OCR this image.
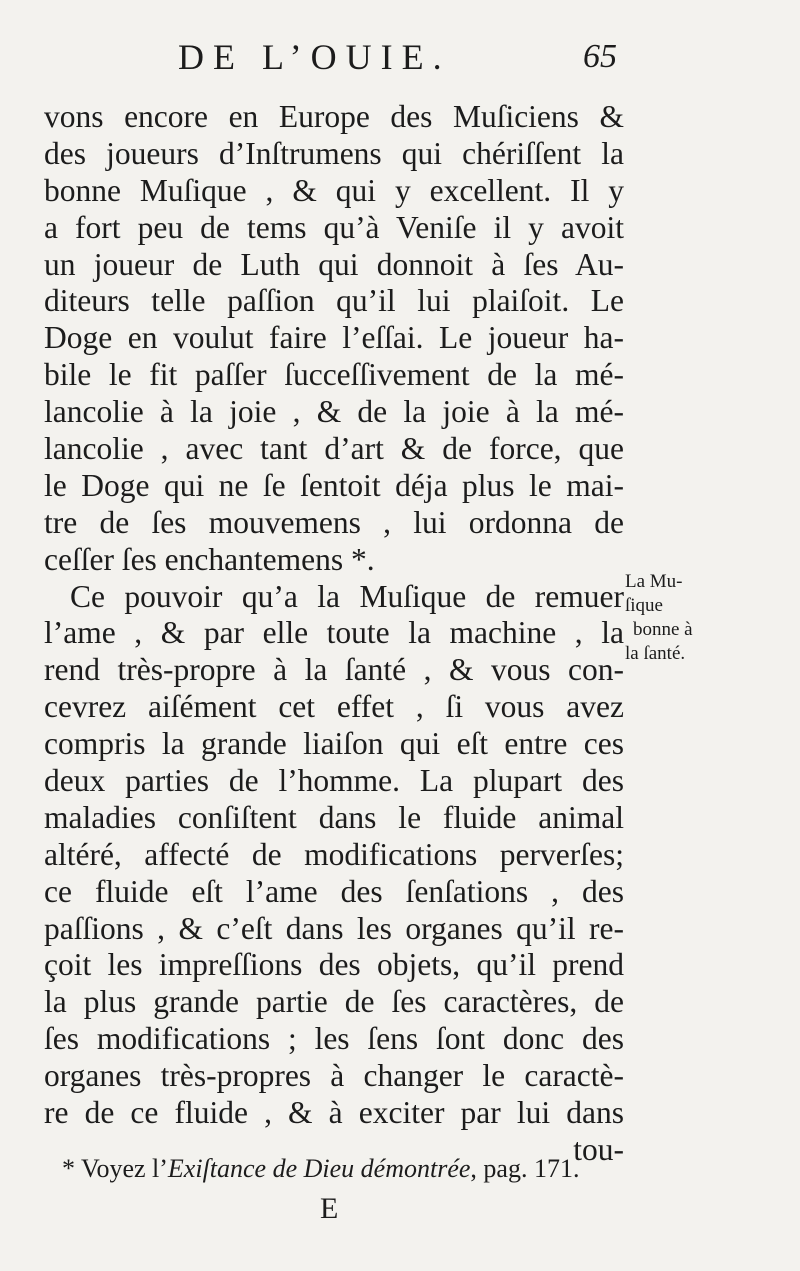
DE L’OUIE.	65
vons encore en Europe des Muſiciens &
des joueurs d’Inſtrumens qui chériſſent la
bonne Muſique , & qui y excellent. Il y
a fort peu de tems qu’à Veniſe il y avoit
un joueur de Luth qui donnoit à ſes Au-
diteurs telle paſſion qu’il lui plaiſoit. Le
Doge en voulut faire l’eſſai. Le joueur ha-
bile le fit paſſer ſucceſſivement de la mé-
lancolie à la joie , & de la joie à la mé-
lancolie , avec tant d’art & de force, que
le Doge qui ne ſe ſentoit déja plus le mai-
tre de ſes mouvemens , lui ordonna de
ceſſer ſes enchantemens *.
Ce pouvoir qu’a la Muſique de remuer
l’ame , & par elle toute la machine , la
rend très-propre à la ſanté , & vous con-
cevrez aiſément cet effet , ſi vous avez
compris la grande liaiſon qui eſt entre ces
deux parties de l’homme. La plupart des
maladies conſiſtent dans le fluide animal
altéré, affecté de modifications perverſes;
ce fluide eſt l’ame des ſenſations , des
paſſions , & c’eſt dans les organes qu’il re-
çoit les impreſſions des objets, qu’il prend
la plus grande partie de ſes caractères, de
ſes modifications ; les ſens ſont donc des
organes très-propres à changer le caractè-
re de ce fluide , & à exciter par lui dans
tou-
La Mu-
ſique
bonne à
la ſanté.
* Voyez l’Exiſtance de Dieu démontrée, pag. 171.
E
